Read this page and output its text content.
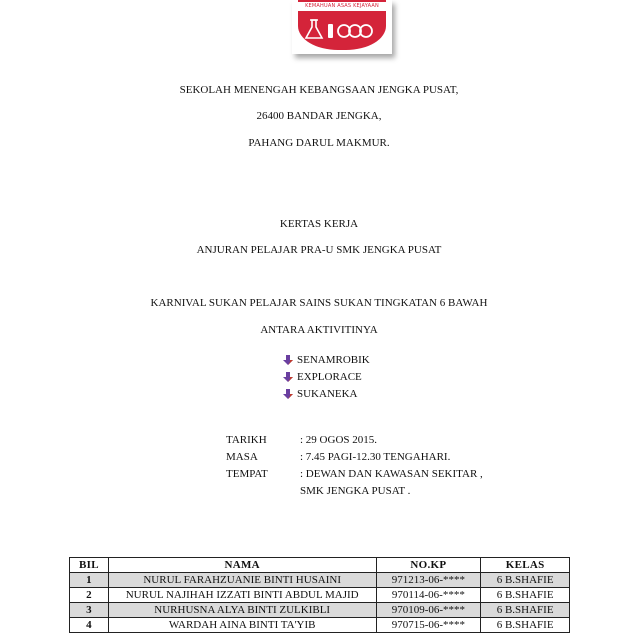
KEMAHUAN ASAS KEJAYAAN
SEKOLAH MENENGAH KEBANGSAAN JENGKA PUSAT,
26400 BANDAR JENGKA,
PAHANG DARUL MAKMUR.
KERTAS KERJA
ANJURAN PELAJAR PRA-U SMK JENGKA PUSAT
KARNIVAL SUKAN PELAJAR SAINS SUKAN TINGKATAN 6 BAWAH
ANTARA AKTIVITINYA
SENAMROBIK
EXPLORACE
SUKANEKA
TARIKH	: 29 OGOS 2015.
MASA	: 7.45 PAGI-12.30 TENGAHARI.
TEMPAT	: DEWAN DAN KAWASAN SEKITAR ,
SMK JENGKA PUSAT .
BIL	NAMA	NO.KP	KELAS
1	NURUL FARAHZUANIE BINTI HUSAINI	971213-06-****	6 B.SHAFIE
2	NURUL NAJIHAH IZZATI BINTI ABDUL MAJID	970114-06-****	6 B.SHAFIE
3	NURHUSNA ALYA BINTI ZULKIBLI	970109-06-****	6 B.SHAFIE
4	WARDAH AINA BINTI TA'YIB	970715-06-****	6 B.SHAFIE
